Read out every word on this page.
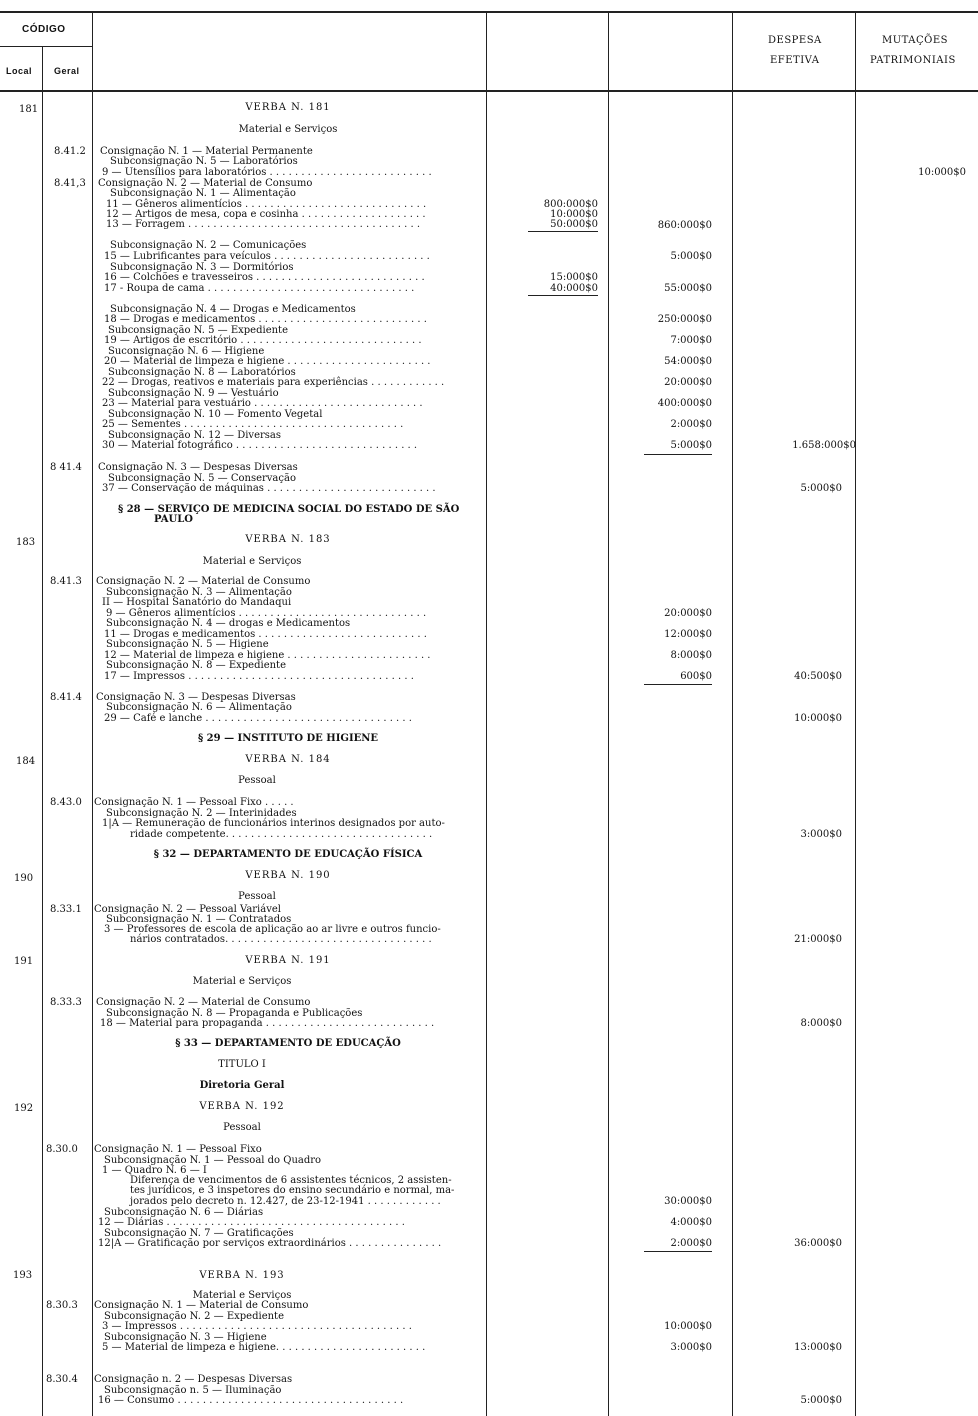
CÓDIGO
Local Geral
DESPESA
EFETIVA
MUTAÇÕES
PATRIMONIAIS
181
183
184
190
191
192
193
8.41.2
8.41,3
8 41.4
8.41.3
8.41.4
8.43.0
8.33.1
8.33.3
8.30.0
8.30.3
8.30.4
VERBA N. 181
Material e Serviços
VERBA N. 183
Material e Serviços
§ 29 — INSTITUTO DE HIGIENE
VERBA N. 184
Pessoal
§ 32 — DEPARTAMENTO DE EDUCAÇÃO FÍSICA
VERBA N. 190
Pessoal
VERBA N. 191
Material e Serviços
§ 33 — DEPARTAMENTO DE EDUCAÇÃO
TITULO I
Diretoria Geral
VERBA N. 192
Pessoal
VERBA N. 193
Material e Serviços
Consignação N. 1 — Material Permanente
Subconsignação N. 5 — Laboratórios
9 — Utensílios para laboratórios . . . . . . . . . . . . . . . . . . . . . . . . . .
Consignação N. 2 — Material de Consumo
Subconsignação N. 1 — Alimentação
11 — Gêneros alimentícios . . . . . . . . . . . . . . . . . . . . . . . . . . . . .
12 — Artigos de mesa, copa e cosinha . . . . . . . . . . . . . . . . . . . .
13 — Forragem . . . . . . . . . . . . . . . . . . . . . . . . . . . . . . . . . . . . .
Subconsignação N. 2 — Comunicações
15 — Lubrificantes para veículos . . . . . . . . . . . . . . . . . . . . . . . . .
Subconsignação N. 3 — Dormitórios
16 — Colchões e travesseiros . . . . . . . . . . . . . . . . . . . . . . . . . . .
17 - Roupa de cama . . . . . . . . . . . . . . . . . . . . . . . . . . . . . . . . .
Subconsignação N. 4 — Drogas e Medicamentos
18 — Drogas e medicamentos . . . . . . . . . . . . . . . . . . . . . . . . . . .
Subconsignação N. 5 — Expediente
19 — Artigos de escritório . . . . . . . . . . . . . . . . . . . . . . . . . . . . .
Suconsignação N. 6 — Higiene
20 — Material de limpeza e higiene . . . . . . . . . . . . . . . . . . . . . . .
Subconsignação N. 8 — Laboratórios
22 — Drogas, reativos e materiais para experiências . . . . . . . . . . . .
Subconsignação N. 9 — Vestuário
23 — Material para vestuário . . . . . . . . . . . . . . . . . . . . . . . . . . .
Subconsignação N. 10 — Fomento Vegetal
25 — Sementes . . . . . . . . . . . . . . . . . . . . . . . . . . . . . . . . . . .
Subconsignação N. 12 — Diversas
30 — Material fotográfico . . . . . . . . . . . . . . . . . . . . . . . . . . . . .
Consignação N. 3 — Despesas Diversas
Subconsignação N. 5 — Conservação
37 — Conservação de máquinas . . . . . . . . . . . . . . . . . . . . . . . . . . .
§ 28 — SERVIÇO DE MEDICINA SOCIAL DO ESTADO DE SÃO
PAULO
Consignação N. 2 — Material de Consumo
Subconsignação N. 3 — Alimentação
II — Hospital Sanatório do Mandaqui
9 — Gêneros alimentícios . . . . . . . . . . . . . . . . . . . . . . . . . . . . . .
Subconsignação N. 4 — drogas e Medicamentos
11 — Drogas e medicamentos . . . . . . . . . . . . . . . . . . . . . . . . . . .
Subconsignação N. 5 — Higiene
12 — Material de limpeza e higiene . . . . . . . . . . . . . . . . . . . . . . .
Subconsignação N. 8 — Expediente
17 — Impressos . . . . . . . . . . . . . . . . . . . . . . . . . . . . . . . . . . . .
Consignação N. 3 — Despesas Diversas
Subconsignação N. 6 — Alimentação
29 — Café e lanche . . . . . . . . . . . . . . . . . . . . . . . . . . . . . . . . .
Consignação N. 1 — Pessoal Fixo . . . . .
Subconsignação N. 2 — Interinidades
1|A — Remuneração de funcionários interinos designados por auto-
ridade competente. . . . . . . . . . . . . . . . . . . . . . . . . . . . . . . . .
Consignação N. 2 — Pessoal Variável
Subconsignação N. 1 — Contratados
3 — Professores de escola de aplicação ao ar livre e outros funcio-
nários contratados. . . . . . . . . . . . . . . . . . . . . . . . . . . . . . . . .
Consignação N. 2 — Material de Consumo
Subconsignação N. 8 — Propaganda e Publicações
18 — Material para propaganda . . . . . . . . . . . . . . . . . . . . . . . . . . .
Consignação N. 1 — Pessoal Fixo
Subconsignação N. 1 — Pessoal do Quadro
1 — Quadro N. 6 — I
Diferença de vencimentos de 6 assistentes técnicos, 2 assisten-
tes jurídicos, e 3 inspetores do ensino secundário e normal, ma-
jorados pelo decreto n. 12.427, de 23-12-1941 . . . . . . . . . . . .
Subconsignação N. 6 — Diárias
12 — Diárias . . . . . . . . . . . . . . . . . . . . . . . . . . . . . . . . . . . . . .
Subconsignação N. 7 — Gratificações
12|A — Gratificação por serviços extraordinários . . . . . . . . . . . . . . .
Consignação N. 1 — Material de Consumo
Subconsignação N. 2 — Expediente
3 — Impressos . . . . . . . . . . . . . . . . . . . . . . . . . . . . . . . . . . . . .
Subconsignação N. 3 — Higiene
5 — Material de limpeza e higiene. . . . . . . . . . . . . . . . . . . . . . . .
Consignação n. 2 — Despesas Diversas
Subconsignação n. 5 — Iluminação
16 — Consumo . . . . . . . . . . . . . . . . . . . . . . . . . . . . . . . . . . . .
800:000$0
10:000$0
50:000$0
15:000$0
40:000$0
860:000$0
5:000$0
55:000$0
250:000$0
7:000$0
54:000$0
20:000$0
400:000$0
2:000$0
5:000$0
20:000$0
12:000$0
8:000$0
600$0
30:000$0
4:000$0
2:000$0
10:000$0
3:000$0
1.658:000$0
5:000$0
40:500$0
10:000$0
3:000$0
21:000$0
8:000$0
36:000$0
13:000$0
5:000$0
10:000$0
